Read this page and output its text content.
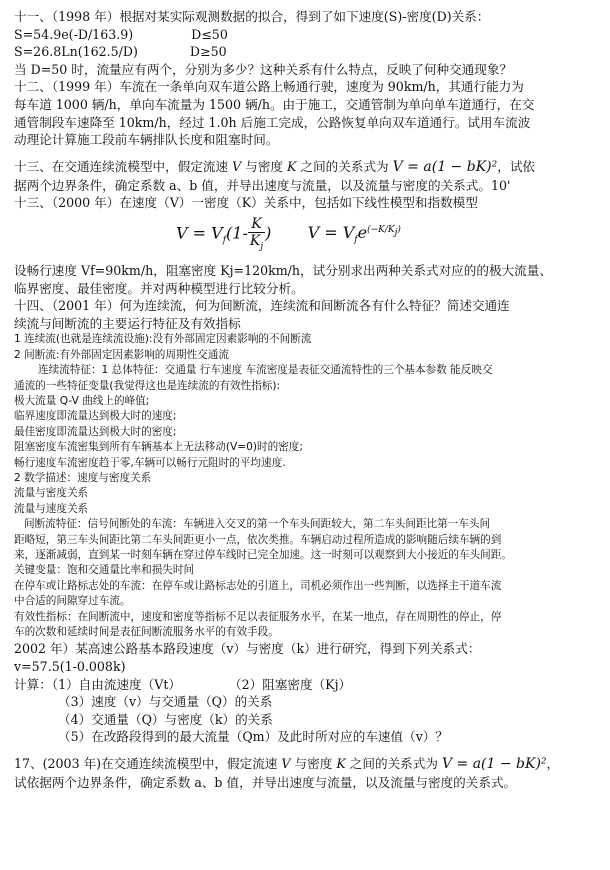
十一、（1998 年）根据对某实际观测数据的拟合，得到了如下速度(S)-密度(D)关系：
S=54.9e(-D/163.9)	D≤50
S=26.8Ln(162.5/D)	D≥50
当 D=50 时，流量应有两个，分别为多少？这种关系有什么特点，反映了何种交通现象？
十二、（1999 年）车流在一条单向双车道公路上畅通行驶，速度为 90km/h，其通行能力为
每车道 1000 辆/h，单向车流量为 1500 辆/h。由于施工，交通管制为单向单车道通行，在交
通管制段车速降至 10km/h，经过 1.0h 后施工完成，公路恢复单向双车道通行。试用车流波
动理论计算施工段前车辆排队长度和阻塞时间。
十三、在交通连续流模型中，假定流速 V 与密度 K 之间的关系式为 V = a(1 − bK)²，试依
据两个边界条件，确定系数 a、b 值，并导出速度与流量，以及流量与密度的关系式。10'
十三、（2000 年）在速度（V）一密度（K）关系中，包括如下线性模型和指数模型
$V = V_f(1- \frac{K}{K_j}$ ) $V = V_fe^{(-K/K_j)}$
设畅行速度 Vf=90km/h，阻塞密度 Kj=120km/h，试分别求出两种关系式对应的的极大流量、
临界密度、最佳密度。并对两种模型进行比较分析。
十四、（2001 年）何为连续流，何为间断流，连续流和间断流各有什么特征？简述交通连
续流与间断流的主要运行特征及有效指标
1 连续流(也就是连续流设施):没有外部固定因素影响的不间断流
2 间断流:有外部固定因素影响的周期性交通流
连续流特征：1 总体特征：交通量 行车速度 车流密度是表征交通流特性的三个基本参数 能反映交
通流的一些特征变量(我觉得这也是连续流的有效性指标):
极大流量 Q-V 曲线上的峰值;
临界速度即流量达到极大时的速度;
最佳密度即流量达到极大时的密度;
阻塞密度车流密集到所有车辆基本上无法移动(V=0)时的密度;
畅行速度车流密度趋于零,车辆可以畅行元阻时的平均速度.
2 数学描述：速度与密度关系
流量与密度关系
流量与速度关系
间断流特征：信号间断处的车流：车辆进入交叉的第一个车头间距较大，第二车头间距比第一车头间
距略短，第三车头间距比第二车头间距更小一点，依次类推。车辆启动过程所造成的影响随后续车辆的到
来，逐渐减弱，直到某一时刻车辆在穿过停车线时已完全加速。这一时刻可以观察到大小接近的车头间距。
关键变量：饱和交通量比率和损失时间
在停车或让路标志处的车流：在停车或让路标志处的引道上，司机必须作出一些判断，以选择主干道车流
中合适的间隙穿过车流。
有效性指标：在间断流中，速度和密度等指标不足以表征服务水平，在某一地点，存在周期性的停止，停
车的次数和延续时间是表征间断流服务水平的有效手段。
2002 年）某高速公路基本路段速度（v）与密度（k）进行研究，得到下列关系式：
v=57.5(1-0.008k)
计算：（1）自由流速度（Vt）	（2）阻塞密度（Kj）
（3）速度（v）与交通量（Q）的关系
（4）交通量（Q）与密度（k）的关系
（5）在改路段得到的最大流量（Qm）及此时所对应的车速值（v）？
17、(2003 年)在交通连续流模型中，假定流速 V 与密度 K 之间的关系式为 V = a(1 − bK)²，
试依据两个边界条件，确定系数 a、b 值，并导出速度与流量，以及流量与密度的关系式。
